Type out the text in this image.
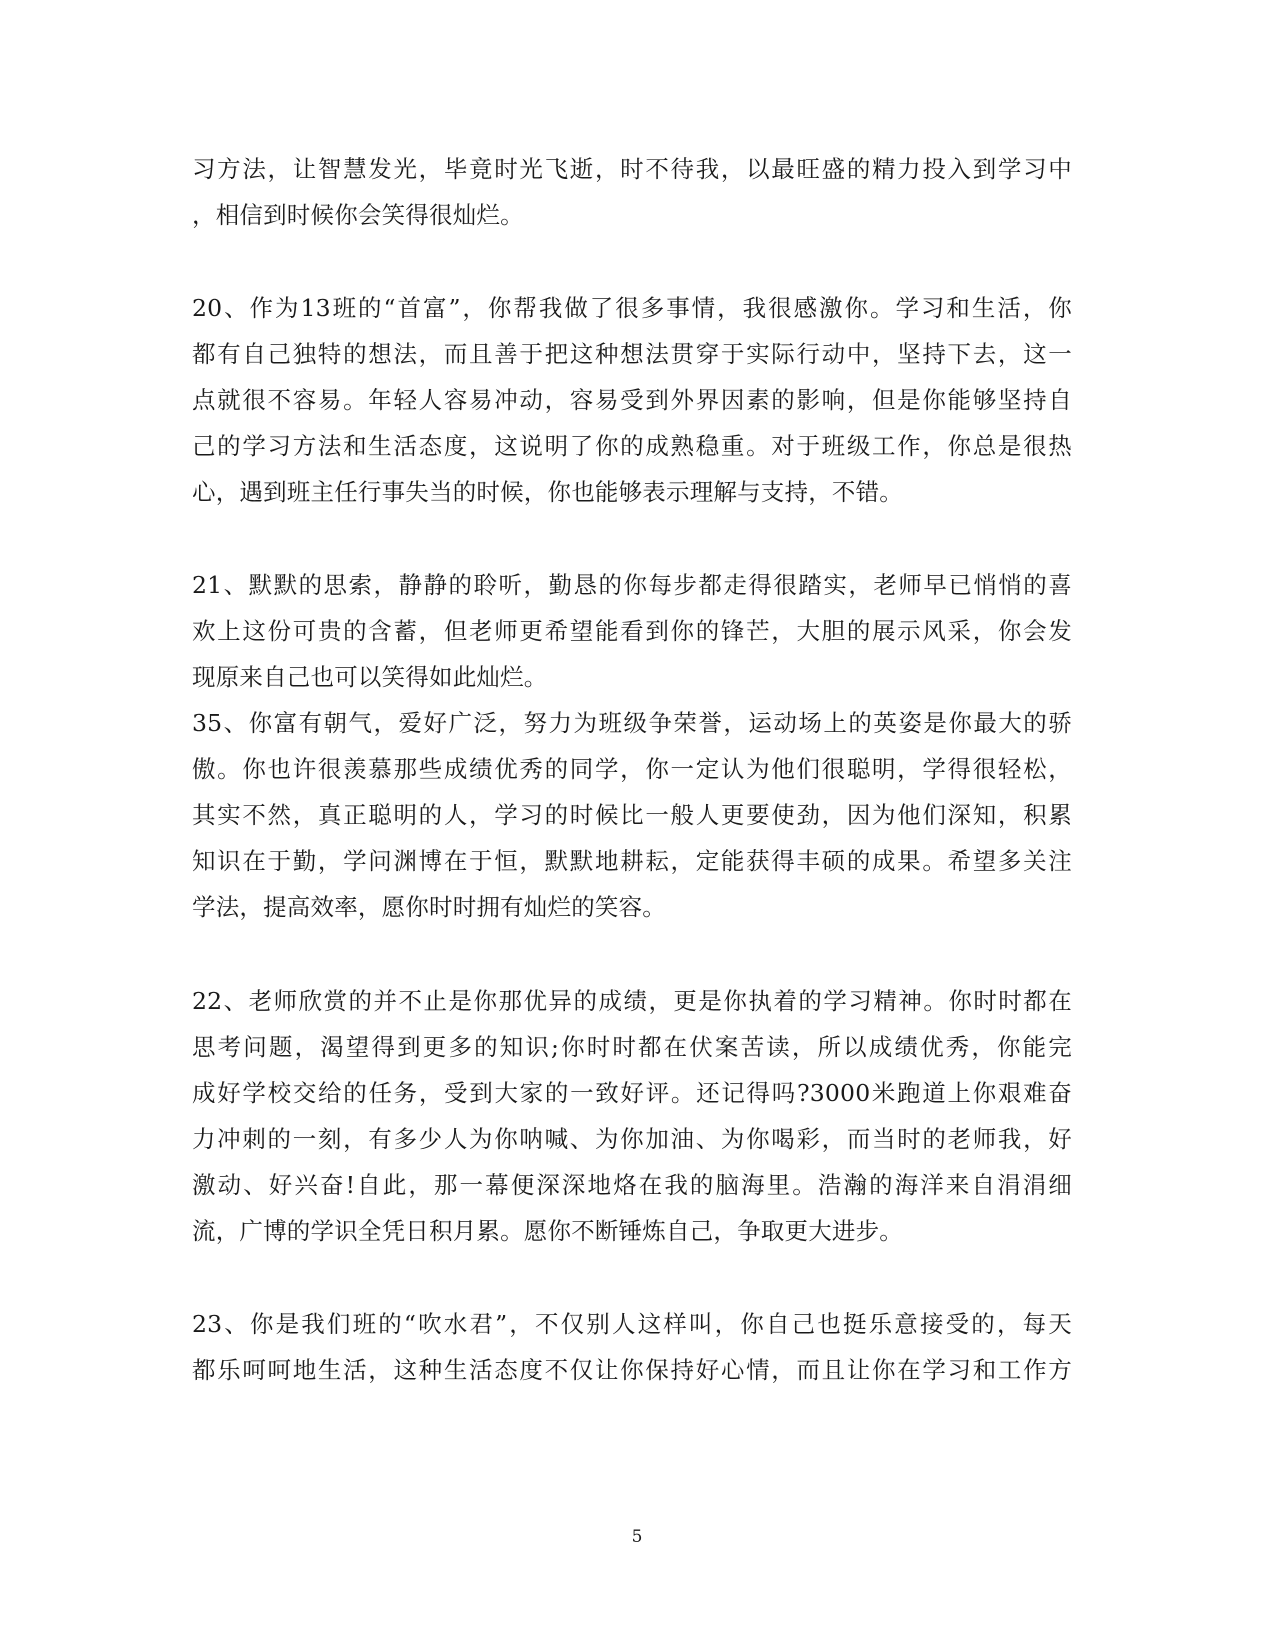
习方法，让智慧发光，毕竟时光飞逝，时不待我，以最旺盛的精力投入到学习中
，相信到时候你会笑得很灿烂。
20、作为13班的“首富”，你帮我做了很多事情，我很感激你。学习和生活，你
都有自己独特的想法，而且善于把这种想法贯穿于实际行动中，坚持下去，这一
点就很不容易。年轻人容易冲动，容易受到外界因素的影响，但是你能够坚持自
己的学习方法和生活态度，这说明了你的成熟稳重。对于班级工作，你总是很热
心，遇到班主任行事失当的时候，你也能够表示理解与支持，不错。
21、默默的思索，静静的聆听，勤恳的你每步都走得很踏实，老师早已悄悄的喜
欢上这份可贵的含蓄，但老师更希望能看到你的锋芒，大胆的展示风采，你会发
现原来自己也可以笑得如此灿烂。
35、你富有朝气，爱好广泛，努力为班级争荣誉，运动场上的英姿是你最大的骄
傲。你也许很羡慕那些成绩优秀的同学，你一定认为他们很聪明，学得很轻松，
其实不然，真正聪明的人，学习的时候比一般人更要使劲，因为他们深知，积累
知识在于勤，学问渊博在于恒，默默地耕耘，定能获得丰硕的成果。希望多关注
学法，提高效率，愿你时时拥有灿烂的笑容。
22、老师欣赏的并不止是你那优异的成绩，更是你执着的学习精神。你时时都在
思考问题，渴望得到更多的知识;你时时都在伏案苦读，所以成绩优秀，你能完
成好学校交给的任务，受到大家的一致好评。还记得吗?3000米跑道上你艰难奋
力冲刺的一刻，有多少人为你呐喊、为你加油、为你喝彩，而当时的老师我，好
激动、好兴奋!自此，那一幕便深深地烙在我的脑海里。浩瀚的海洋来自涓涓细
流，广博的学识全凭日积月累。愿你不断锤炼自己，争取更大进步。
23、你是我们班的“吹水君”，不仅别人这样叫，你自己也挺乐意接受的，每天
都乐呵呵地生活，这种生活态度不仅让你保持好心情，而且让你在学习和工作方
5
